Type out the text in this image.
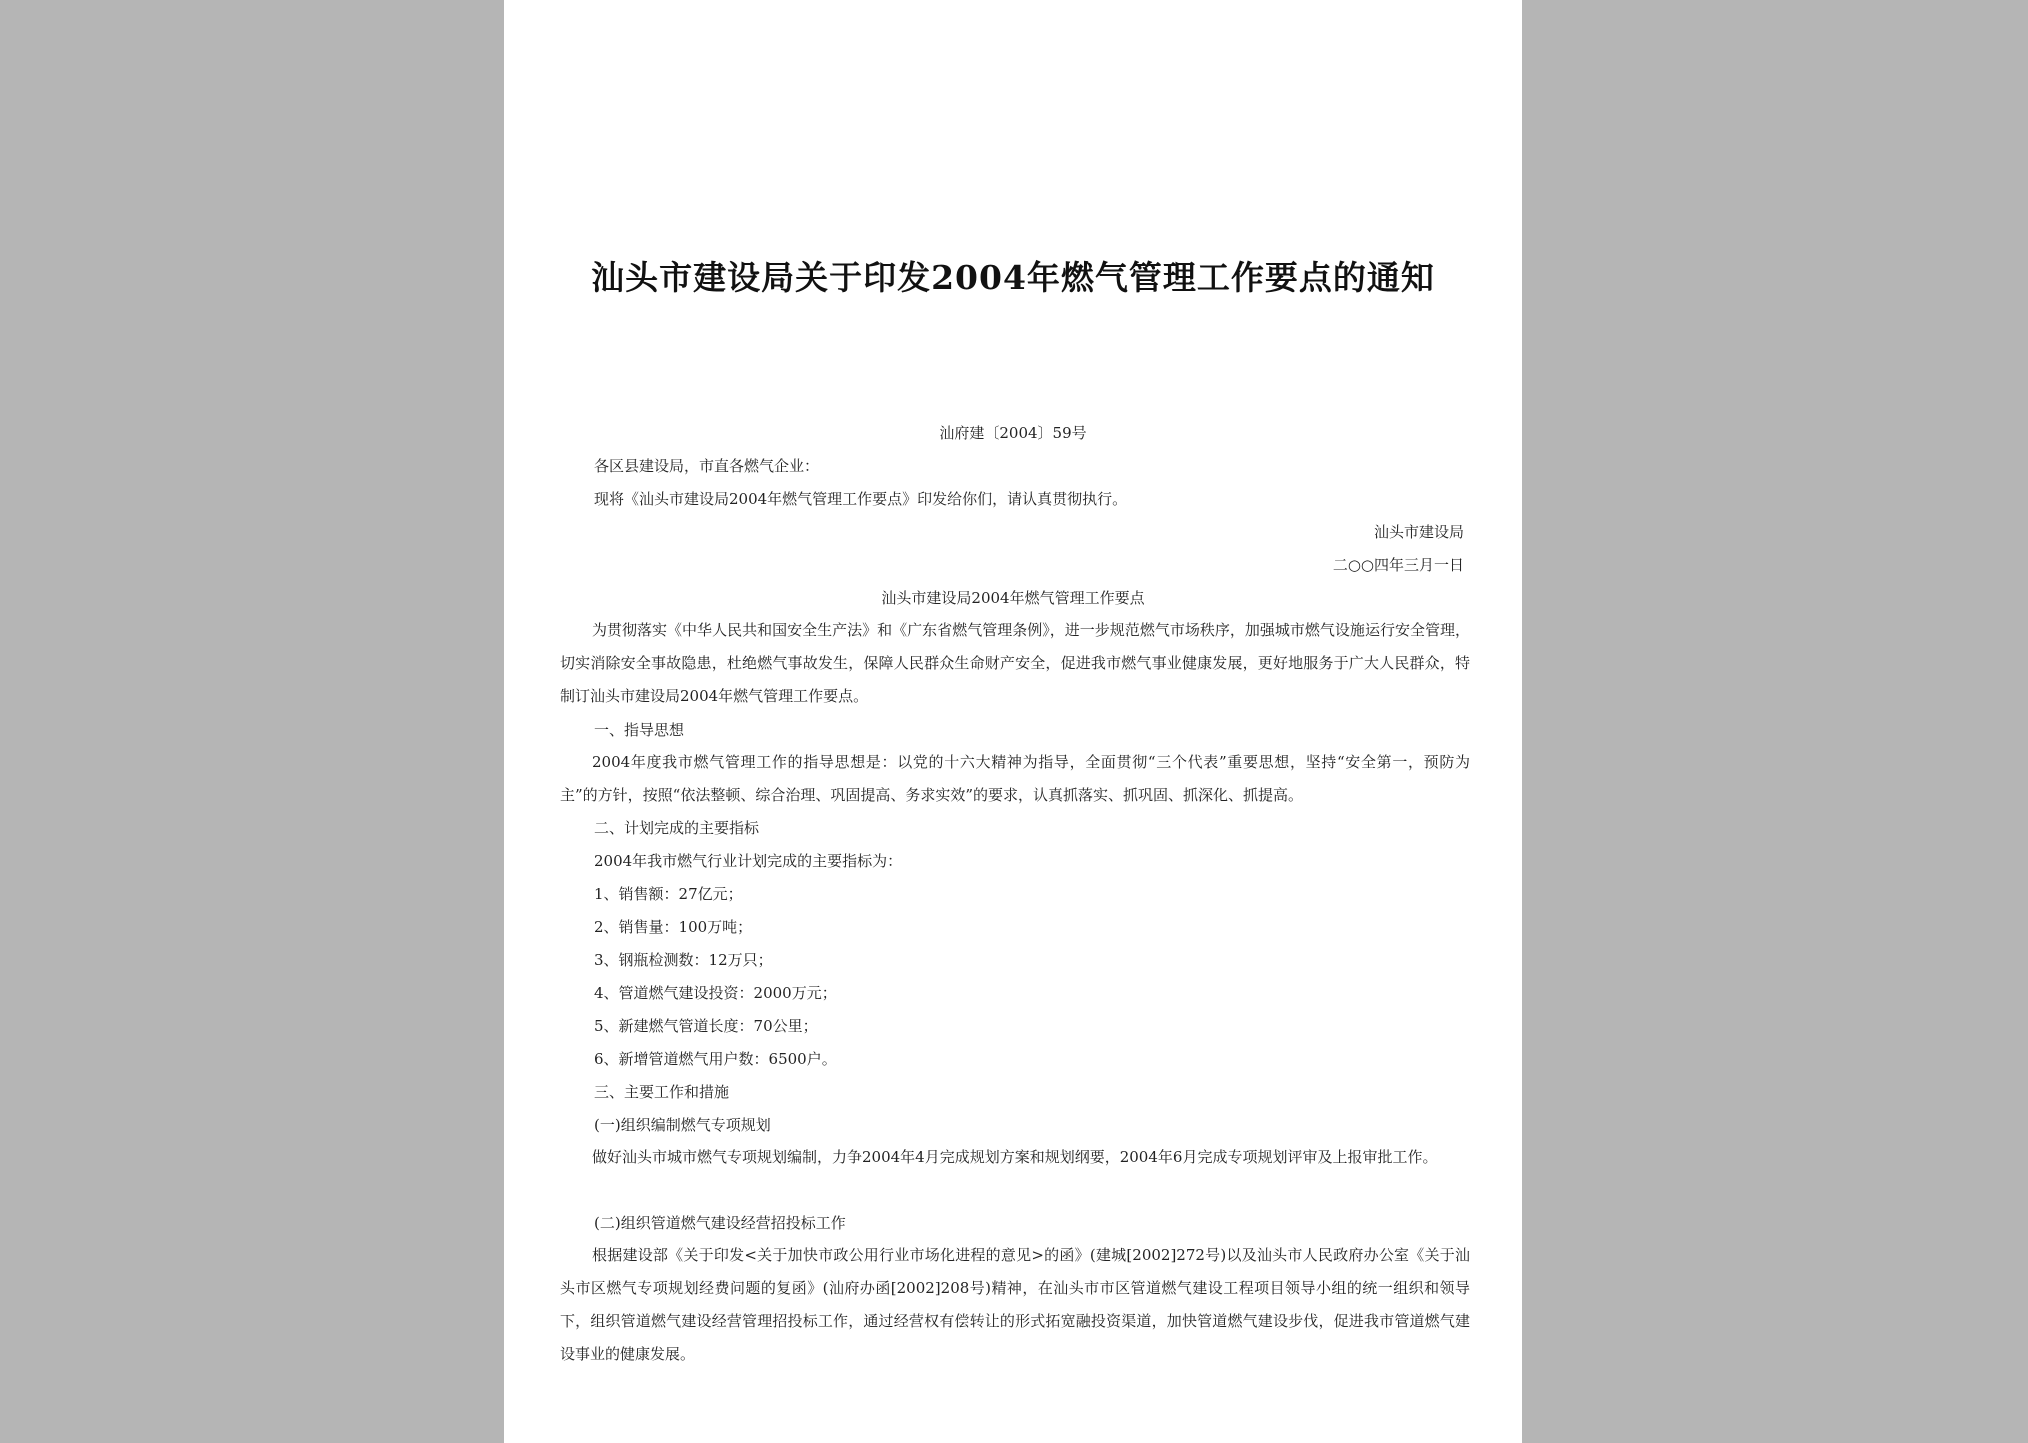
汕头市建设局关于印发2004年燃气管理工作要点的通知
汕府建〔2004〕59号
各区县建设局，市直各燃气企业：
现将《汕头市建设局2004年燃气管理工作要点》印发给你们，请认真贯彻执行。
汕头市建设局
二○○四年三月一日
汕头市建设局2004年燃气管理工作要点
为贯彻落实《中华人民共和国安全生产法》和《广东省燃气管理条例》，进一步规范燃气市场秩序，加强城市燃气设施运行安全管理，切实消除安全事故隐患，杜绝燃气事故发生，保障人民群众生命财产安全，促进我市燃气事业健康发展，更好地服务于广大人民群众，特制订汕头市建设局2004年燃气管理工作要点。
一、指导思想
2004年度我市燃气管理工作的指导思想是：以党的十六大精神为指导，全面贯彻“三个代表”重要思想，坚持“安全第一，预防为主”的方针，按照“依法整顿、综合治理、巩固提高、务求实效”的要求，认真抓落实、抓巩固、抓深化、抓提高。
二、计划完成的主要指标
2004年我市燃气行业计划完成的主要指标为：
1、销售额：27亿元；
2、销售量：100万吨；
3、钢瓶检测数：12万只；
4、管道燃气建设投资：2000万元；
5、新建燃气管道长度：70公里；
6、新增管道燃气用户数：6500户。
三、主要工作和措施
(一)组织编制燃气专项规划
做好汕头市城市燃气专项规划编制，力争2004年4月完成规划方案和规划纲要，2004年6月完成专项规划评审及上报审批工作。
(二)组织管道燃气建设经营招投标工作
根据建设部《关于印发<关于加快市政公用行业市场化进程的意见>的函》(建城[2002]272号)以及汕头市人民政府办公室《关于汕头市区燃气专项规划经费问题的复函》(汕府办函[2002]208号)精神，在汕头市市区管道燃气建设工程项目领导小组的统一组织和领导下，组织管道燃气建设经营管理招投标工作，通过经营权有偿转让的形式拓宽融投资渠道，加快管道燃气建设步伐，促进我市管道燃气建设事业的健康发展。
